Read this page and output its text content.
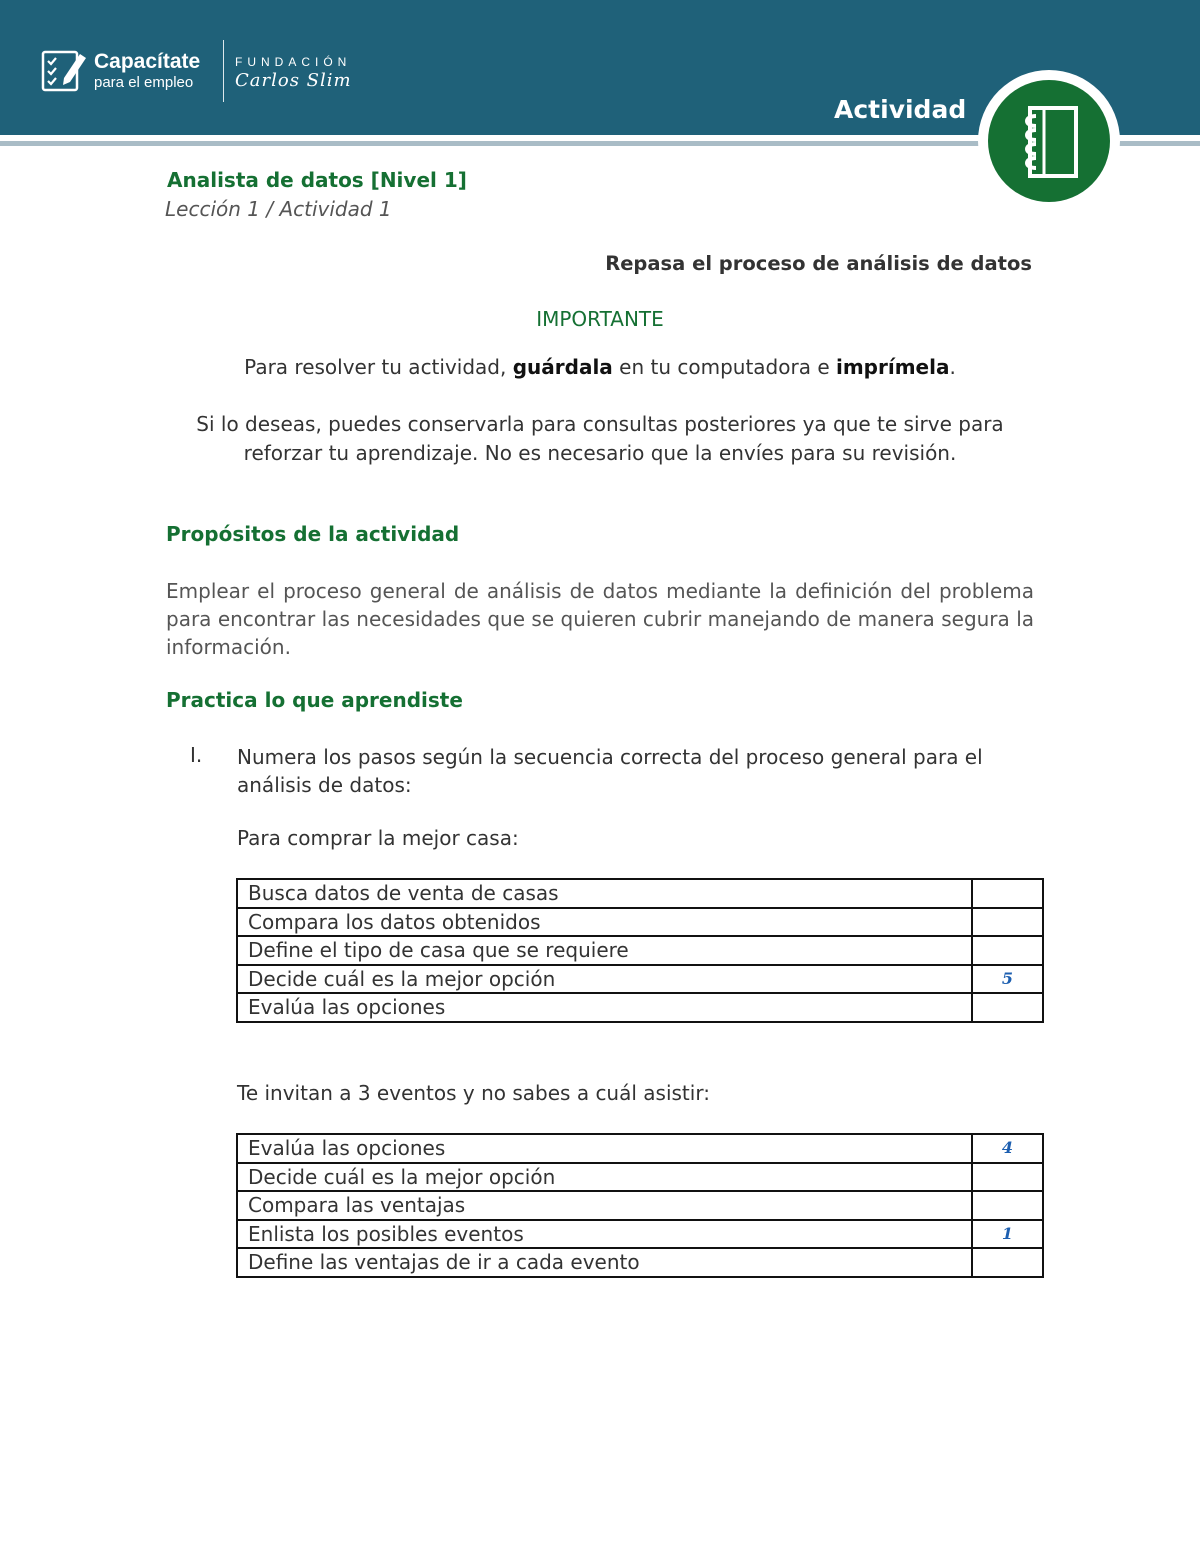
Capacítate
para el empleo
FUNDACIÓN
Carlos Slim
Actividad
Analista de datos [Nivel 1]
Lección 1 / Actividad 1
Repasa el proceso de análisis de datos
IMPORTANTE
Para resolver tu actividad, guárdala en tu computadora e imprímela.
Si lo deseas, puedes conservarla para consultas posteriores ya que te sirve para reforzar tu aprendizaje. No es necesario que la envíes para su revisión.
Propósitos de la actividad
Emplear el proceso general de análisis de datos mediante la definición del problema para encontrar las necesidades que se quieren cubrir manejando de manera segura la información.
Practica lo que aprendiste
I. Numera los pasos según la secuencia correcta del proceso general para el análisis de datos:
Para comprar la mejor casa:
Busca datos de venta de casas	
Compara los datos obtenidos	
Define el tipo de casa que se requiere	
Decide cuál es la mejor opción	5
Evalúa las opciones	
Te invitan a 3 eventos y no sabes a cuál asistir:
Evalúa las opciones	4
Decide cuál es la mejor opción	
Compara las ventajas	
Enlista los posibles eventos	1
Define las ventajas de ir a cada evento	
